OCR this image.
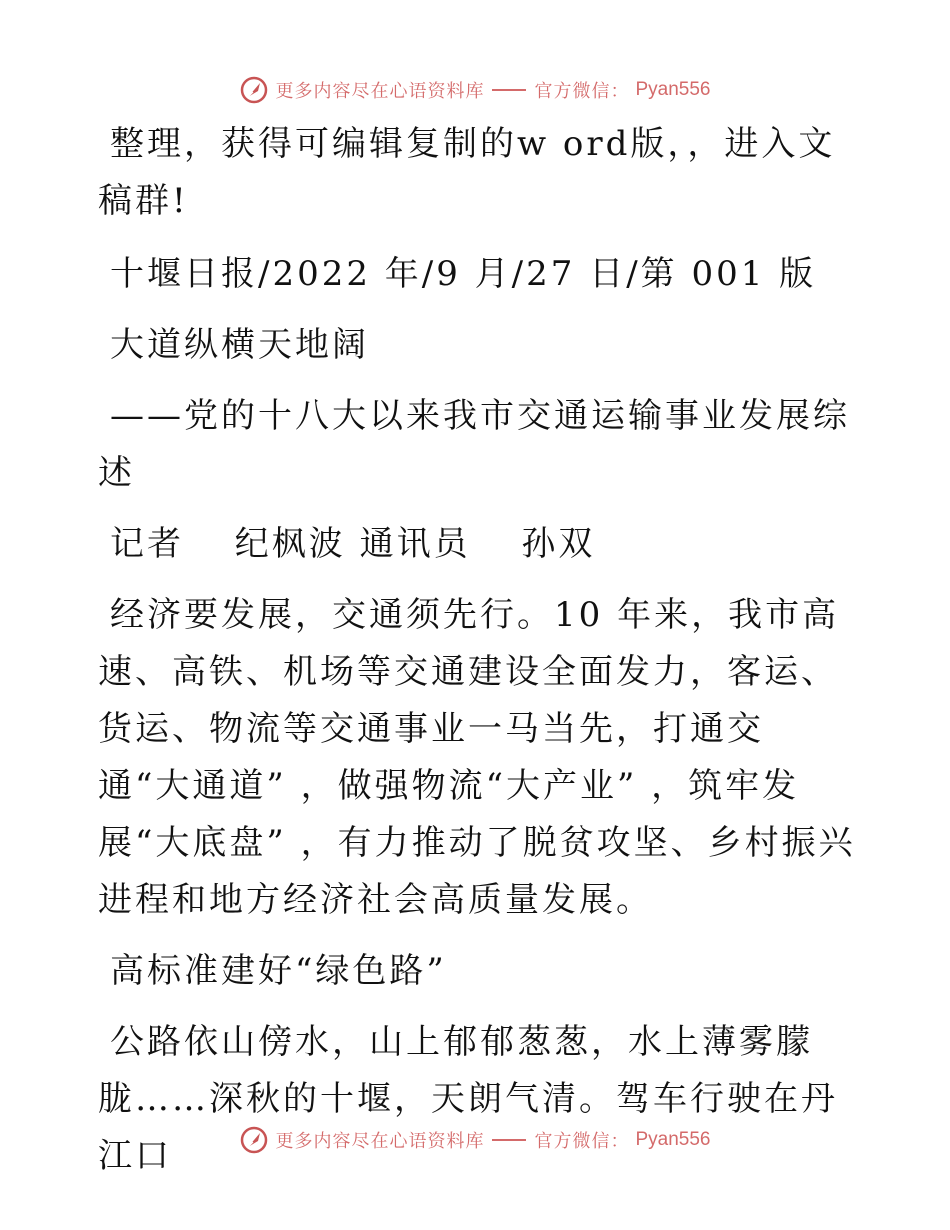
更多内容尽在心语资料库	官方微信： Pyan556

整理，获得可编辑复制的w ord版，，进入文稿群!

十堰日报/2022 年/9 月/27 日/第 001 版

大道纵横天地阔

——党的十八大以来我市交通运输事业发展综述

记者　 纪枫波 通讯员　 孙双

经济要发展，交通须先行。10 年来，我市高速、高铁、机场等交通建设全面发力，客运、货运、物流等交通事业一马当先，打通交通“大通道” ，做强物流“大产业” ，筑牢发展“大底盘” ，有力推动了脱贫攻坚、乡村振兴进程和地方经济社会高质量发展。

高标准建好“绿色路”

公路依山傍水，山上郁郁葱葱，水上薄雾朦胧……深秋的十堰，天朗气清。驾车行驶在丹江口	更多内容尽在心语资料库	官方微信： Pyan556
